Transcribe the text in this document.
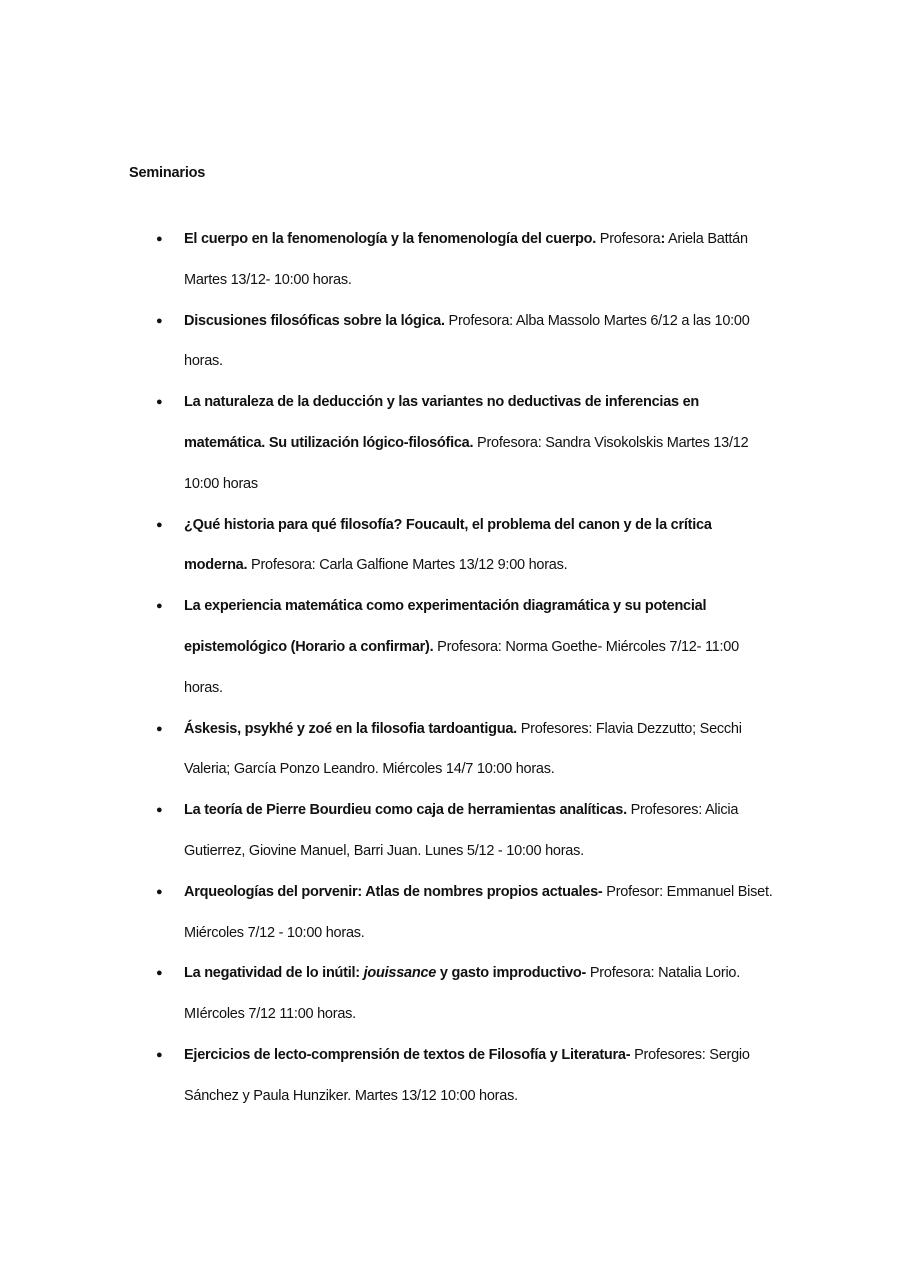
Seminarios
● El cuerpo en la fenomenología y la fenomenología del cuerpo. Profesora: Ariela Battán Martes 13/12- 10:00 horas.
● Discusiones filosóficas sobre la lógica. Profesora: Alba Massolo Martes 6/12 a las 10:00 horas.
● La naturaleza de la deducción y las variantes no deductivas de inferencias en matemática. Su utilización lógico-filosófica. Profesora: Sandra Visokolskis Martes 13/12 10:00 horas
● ¿Qué historia para qué filosofía? Foucault, el problema del canon y de la crítica moderna. Profesora: Carla Galfione Martes 13/12 9:00 horas.
● La experiencia matemática como experimentación diagramática y su potencial epistemológico (Horario a confirmar). Profesora: Norma Goethe- Miércoles 7/12- 11:00 horas.
● Áskesis, psykhé y zoé en la filosofia tardoantigua. Profesores: Flavia Dezzutto; Secchi Valeria; García Ponzo Leandro. Miércoles 14/7 10:00 horas.
● La teoría de Pierre Bourdieu como caja de herramientas analíticas. Profesores: Alicia Gutierrez, Giovine Manuel, Barri Juan. Lunes 5/12 - 10:00 horas.
● Arqueologías del porvenir: Atlas de nombres propios actuales- Profesor: Emmanuel Biset. Miércoles 7/12 - 10:00 horas.
● La negatividad de lo inútil: jouissance y gasto improductivo- Profesora: Natalia Lorio. MIércoles 7/12 11:00 horas.
● Ejercicios de lecto-comprensión de textos de Filosofía y Literatura- Profesores: Sergio Sánchez y Paula Hunziker. Martes 13/12 10:00 horas.
